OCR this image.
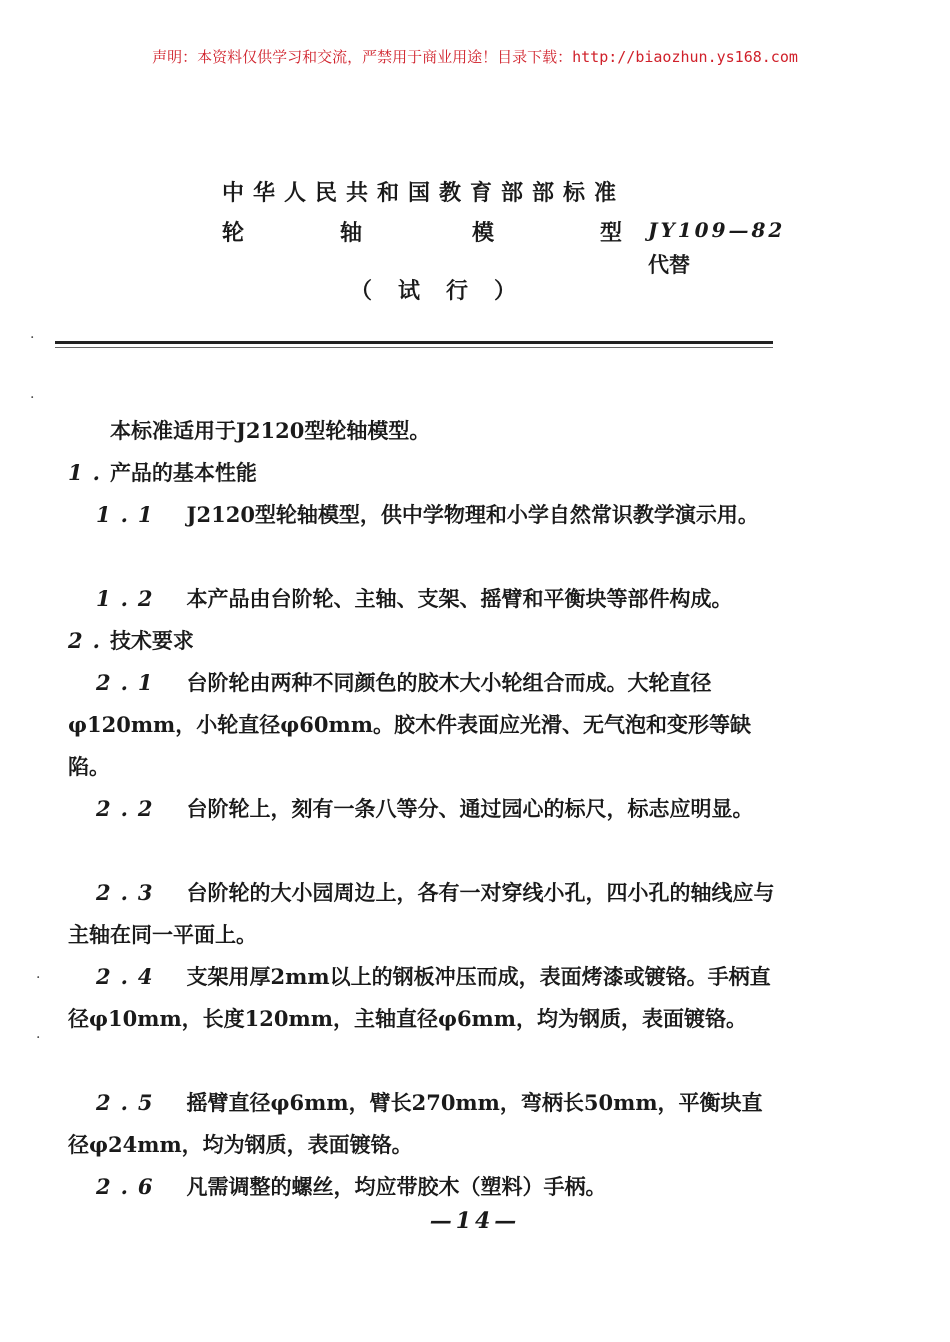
声明：本资料仅供学习和交流，严禁用于商业用途！目录下载：http://biaozhun.ys168.com
中华人民共和国教育部部标准
轮	轴	模	型 JY109—82
代替
（试行）
·
·
·
·
本标准适用于J2120型轮轴模型。
1.产品的基本性能
1.1 J2120型轮轴模型，供中学物理和小学自然常识教学演示用。
1.2 本产品由台阶轮、主轴、支架、摇臂和平衡块等部件构成。
2.技术要求
2.1 台阶轮由两种不同颜色的胶木大小轮组合而成。大轮直径φ120mm，小轮直径φ60mm。胶木件表面应光滑、无气泡和变形等缺陷。
2.2 台阶轮上，刻有一条八等分、通过园心的标尺，标志应明显。
2.3 台阶轮的大小园周边上，各有一对穿线小孔，四小孔的轴线应与主轴在同一平面上。
2.4 支架用厚2mm以上的钢板冲压而成，表面烤漆或镀铬。手柄直径φ10mm，长度120mm，主轴直径φ6mm，均为钢质，表面镀铬。
2.5 摇臂直径φ6mm，臂长270mm，弯柄长50mm，平衡块直径φ24mm，均为钢质，表面镀铬。
2.6 凡需调整的螺丝，均应带胶木（塑料）手柄。
—14—
